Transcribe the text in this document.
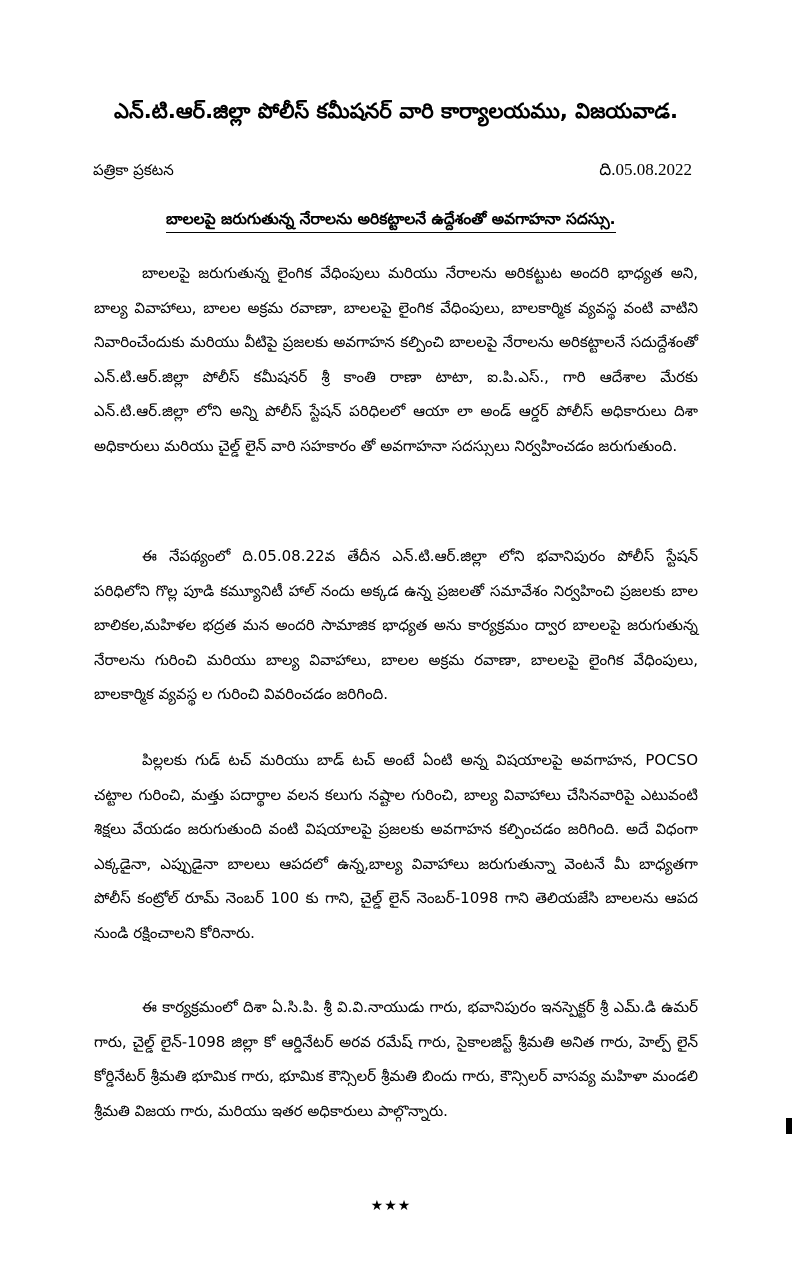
ఎన్.టి.ఆర్.జిల్లా పోలీస్ కమీషనర్ వారి కార్యాలయము, విజయవాడ.
పత్రికా ప్రకటన	ది.05.08.2022
బాలలపై జరుగుతున్న నేరాలను అరికట్టాలనే ఉద్దేశంతో అవగాహనా సదస్సు.

బాలలపై జరుగుతున్న లైంగిక వేధింపులు మరియు నేరాలను అరికట్టుట అందరి భాధ్యత అని, బాల్య వివాహాలు, బాలల అక్రమ రవాణా, బాలలపై లైంగిక వేధింపులు, బాలకార్మిక వ్యవస్థ వంటి వాటిని నివారించేందుకు మరియు వీటిపై ప్రజలకు అవగాహన కల్పించి బాలలపై నేరాలను అరికట్టాలనే సదుద్దేశంతో ఎన్.టి.ఆర్.జిల్లా పోలీస్ కమీషనర్ శ్రీ కాంతి రాణా టాటా, ఐ.పి.ఎస్., గారి ఆదేశాల మేరకు ఎన్.టి.ఆర్.జిల్లా లోని అన్ని పోలీస్ స్టేషన్ పరిధిలలో ఆయా లా అండ్ ఆర్డర్ పోలీస్ అధికారులు దిశా అధికారులు మరియు చైల్డ్ లైన్ వారి సహకారం తో అవగాహనా సదస్సులు నిర్వహించడం జరుగుతుంది.

ఈ నేపథ్యంలో ది.05.08.22వ తేదీన ఎన్.టి.ఆర్.జిల్లా లోని భవానిపురం పోలీస్ స్టేషన్ పరిధిలోని గొల్ల పూడి కమ్యూనిటీ హాల్ నందు అక్కడ ఉన్న ప్రజలతో సమావేశం నిర్వహించి ప్రజలకు బాల బాలికల,మహిళల భద్రత మన అందరి సామాజిక భాధ్యత అను కార్యక్రమం ద్వార బాలలపై జరుగుతున్న నేరాలను గురించి మరియు బాల్య వివాహాలు, బాలల అక్రమ రవాణా, బాలలపై లైంగిక వేధింపులు, బాలకార్మిక వ్యవస్థ ల గురించి వివరించడం జరిగింది.

పిల్లలకు గుడ్ టచ్ మరియు బాడ్ టచ్ అంటే ఏంటి అన్న విషయాలపై అవగాహన, POCSO చట్టాల గురించి, మత్తు పదార్థాల వలన కలుగు నష్టాల గురించి, బాల్య వివాహాలు చేసినవారిపై ఎటువంటి శిక్షలు వేయడం జరుగుతుంది వంటి విషయాలపై ప్రజలకు అవగాహన కల్పించడం జరిగింది. అదే విధంగా ఎక్కడైనా, ఎప్పుడైనా బాలలు ఆపదలో ఉన్న,బాల్య వివాహాలు జరుగుతున్నా వెంటనే మీ బాధ్యతగా పోలీస్ కంట్రోల్ రూమ్ నెంబర్ 100 కు గాని, చైల్డ్ లైన్ నెంబర్-1098 గాని తెలియజేసి బాలలను ఆపద నుండి రక్షించాలని కోరినారు.

ఈ కార్యక్రమంలో దిశా ఏ.సి.పి. శ్రీ వి.వి.నాయుడు గారు, భవానిపురం ఇనస్పెక్టర్ శ్రీ ఎమ్.డి ఉమర్ గారు, చైల్డ్ లైన్-1098 జిల్లా కో ఆర్డినేటర్ అరవ రమేష్ గారు, సైకాలజిస్ట్ శ్రీమతి అనిత గారు, హెల్ప్ లైన్ కోర్డినేటర్ శ్రీమతి భూమిక గారు, భూమిక కౌన్సిలర్ శ్రీమతి బిందు గారు, కౌన్సిలర్ వాసవ్య మహిళా మండలి శ్రీమతి విజయ గారు, మరియు ఇతర అధికారులు పాల్గొన్నారు.

★★★
